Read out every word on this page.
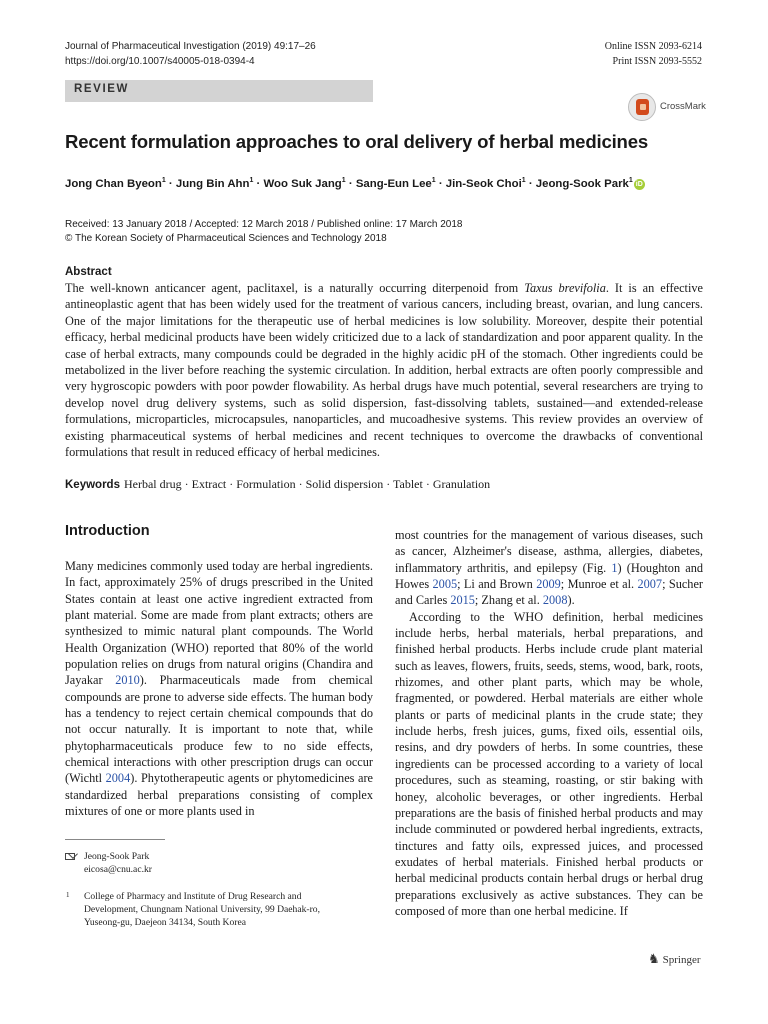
Journal of Pharmaceutical Investigation (2019) 49:17–26
https://doi.org/10.1007/s40005-018-0394-4
Online ISSN 2093-6214
Print ISSN 2093-5552
REVIEW
CrossMark
Recent formulation approaches to oral delivery of herbal medicines
Jong Chan Byeon$^1$ · Jung Bin Ahn$^1$ · Woo Suk Jang$^1$ · Sang-Eun Lee$^1$ · Jin-Seok Choi$^1$ · Jeong-Sook Park$^1$iD
Received: 13 January 2018 / Accepted: 12 March 2018 / Published online: 17 March 2018
© The Korean Society of Pharmaceutical Sciences and Technology 2018
Abstract
The well-known anticancer agent, paclitaxel, is a naturally occurring diterpenoid from Taxus brevifolia. It is an effective antineoplastic agent that has been widely used for the treatment of various cancers, including breast, ovarian, and lung cancers. One of the major limitations for the therapeutic use of herbal medicines is low solubility. Moreover, despite their potential efficacy, herbal medicinal products have been widely criticized due to a lack of standardization and poor apparent quality. In the case of herbal extracts, many compounds could be degraded in the highly acidic pH of the stomach. Other ingredients could be metabolized in the liver before reaching the systemic circulation. In addition, herbal extracts are often poorly compressible and very hygroscopic powders with poor powder flowability. As herbal drugs have much potential, several researchers are trying to develop novel drug delivery systems, such as solid dispersion, fast-dissolving tablets, sustained—and extended-release formulations, microparticles, microcapsules, nanoparticles, and mucoadhesive systems. This review provides an overview of existing pharmaceutical systems of herbal medicines and recent techniques to overcome the drawbacks of conventional formulations that result in reduced efficacy of herbal medicines.
Keywords Herbal drug · Extract · Formulation · Solid dispersion · Tablet · Granulation
Introduction

Many medicines commonly used today are herbal ingredients. In fact, approximately 25% of drugs prescribed in the United States contain at least one active ingredient extracted from plant material. Some are made from plant extracts; others are synthesized to mimic natural plant compounds. The World Health Organization (WHO) reported that 80% of the world population relies on drugs from natural origins (Chandira and Jayakar 2010). Pharmaceuticals made from chemical compounds are prone to adverse side effects. The human body has a tendency to reject certain chemical compounds that do not occur naturally. It is important to note that, while phytopharmaceuticals produce few to no side effects, chemical interactions with other prescription drugs can occur (Wichtl 2004). Phytotherapeutic agents or phytomedicines are standardized herbal preparations consisting of complex mixtures of one or more plants used in

most countries for the management of various diseases, such as cancer, Alzheimer's disease, asthma, allergies, diabetes, inflammatory arthritis, and epilepsy (Fig. 1) (Houghton and Howes 2005; Li and Brown 2009; Munroe et al. 2007; Sucher and Carles 2015; Zhang et al. 2008).

According to the WHO definition, herbal medicines include herbs, herbal materials, herbal preparations, and finished herbal products. Herbs include crude plant material such as leaves, flowers, fruits, seeds, stems, wood, bark, roots, rhizomes, and other plant parts, which may be whole, fragmented, or powdered. Herbal materials are either whole plants or parts of medicinal plants in the crude state; they include herbs, fresh juices, gums, fixed oils, essential oils, resins, and dry powders of herbs. In some countries, these ingredients can be processed according to a variety of local procedures, such as steaming, roasting, or stir baking with honey, alcoholic beverages, or other ingredients. Herbal preparations are the basis of finished herbal products and may include comminuted or powdered herbal ingredients, extracts, tinctures and fatty oils, expressed juices, and processed exudates of herbal materials. Finished herbal products or herbal medicinal products contain herbal drugs or herbal drug preparations exclusively as active substances. They can be composed of more than one herbal medicine. If

Jeong-Sook Park
eicosa@cnu.ac.kr
1 College of Pharmacy and Institute of Drug Research and Development, Chungnam National University, 99 Daehak-ro, Yuseong-gu, Daejeon 34134, South Korea
♞ Springer
